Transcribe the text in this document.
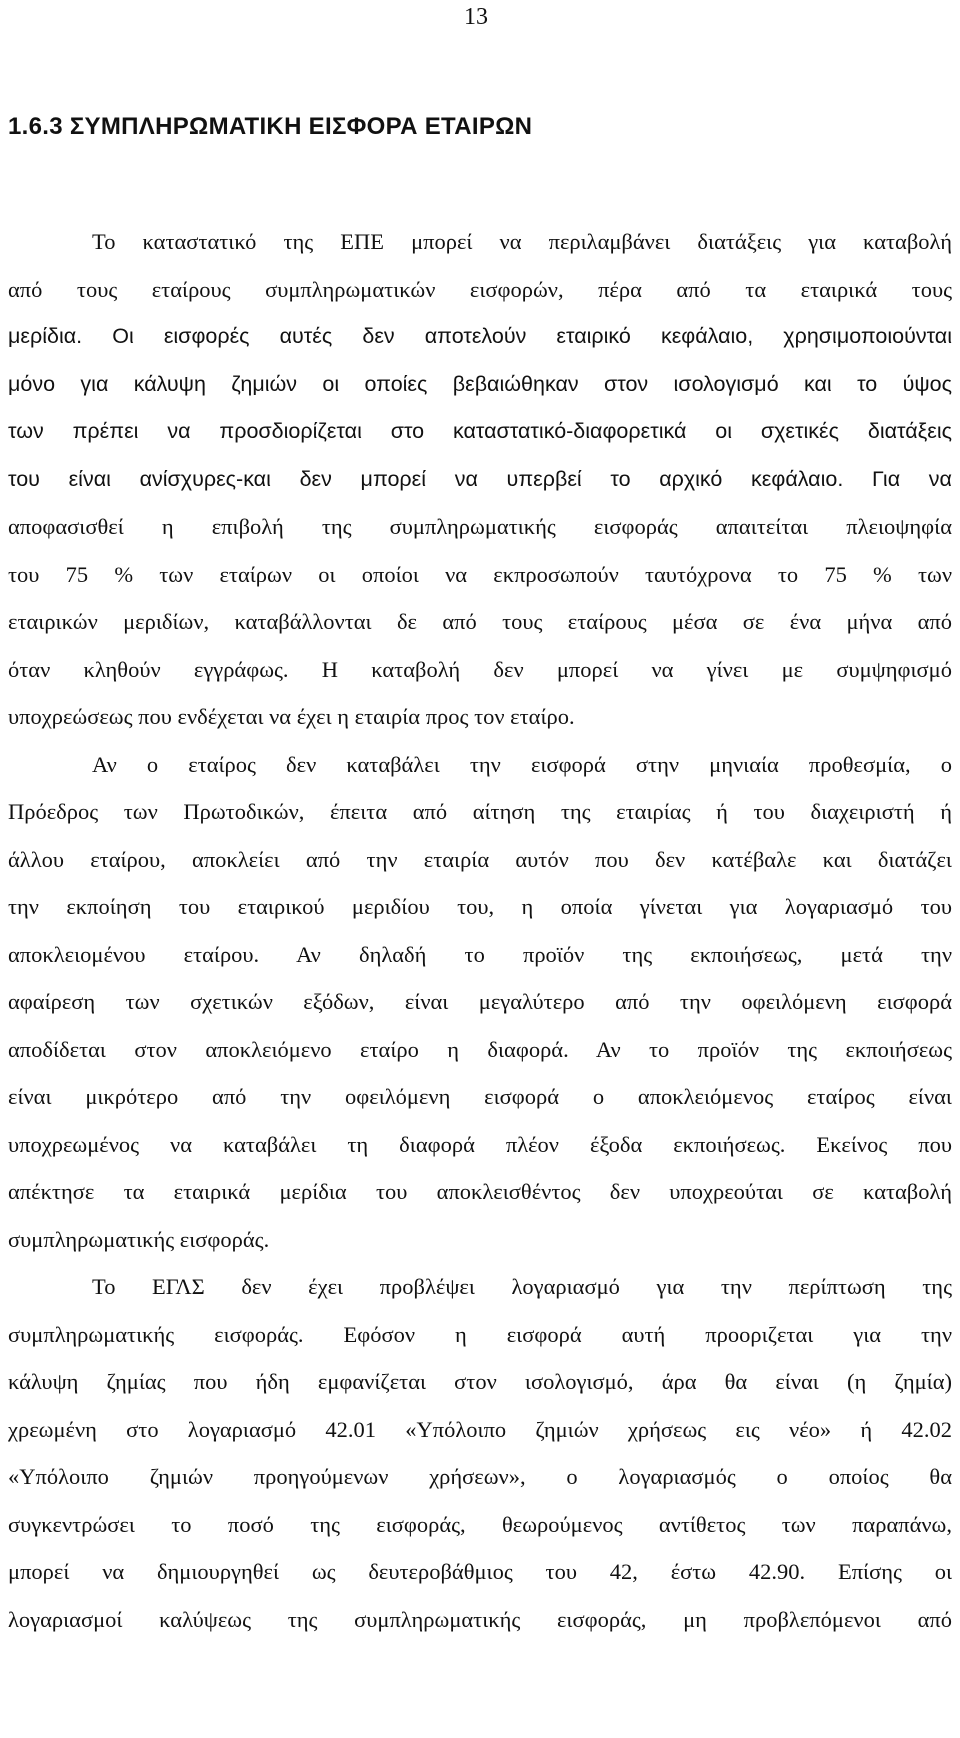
13
1.6.3 ΣΥΜΠΛΗΡΩΜΑΤΙΚΗ ΕΙΣΦΟΡΑ ΕΤΑΙΡΩΝ
Το καταστατικό της ΕΠΕ μπορεί να περιλαμβάνει διατάξεις για καταβολή
από τους εταίρους συμπληρωματικών εισφορών, πέρα από τα εταιρικά τους
μερίδια. Οι εισφορές αυτές δεν αποτελούν εταιρικό κεφάλαιο, χρησιμοποιούνται
μόνο για κάλυψη ζημιών οι οποίες βεβαιώθηκαν στον ισολογισμό και το ύψος
των πρέπει να προσδιορίζεται στο καταστατικό-διαφορετικά οι σχετικές διατάξεις
του είναι ανίσχυρες-και δεν μπορεί να υπερβεί το αρχικό κεφάλαιο. Για να
αποφασισθεί η επιβολή της συμπληρωματικής εισφοράς απαιτείται πλειοψηφία
του 75 % των εταίρων οι οποίοι να εκπροσωπούν ταυτόχρονα το 75 % των
εταιρικών μεριδίων, καταβάλλονται δε από τους εταίρους μέσα σε ένα μήνα από
όταν κληθούν εγγράφως. Η καταβολή δεν μπορεί να γίνει με συμψηφισμό
υποχρεώσεως που ενδέχεται να έχει η εταιρία προς τον εταίρο.
Αν ο εταίρος δεν καταβάλει την εισφορά στην μηνιαία προθεσμία, ο
Πρόεδρος των Πρωτοδικών, έπειτα από αίτηση της εταιρίας ή του διαχειριστή ή
άλλου εταίρου, αποκλείει από την εταιρία αυτόν που δεν κατέβαλε και διατάζει
την εκποίηση του εταιρικού μεριδίου του, η οποία γίνεται για λογαριασμό του
αποκλειομένου εταίρου. Αν δηλαδή το προϊόν της εκποιήσεως, μετά την
αφαίρεση των σχετικών εξόδων, είναι μεγαλύτερο από την οφειλόμενη εισφορά
αποδίδεται στον αποκλειόμενο εταίρο η διαφορά. Αν το προϊόν της εκποιήσεως
είναι μικρότερο από την οφειλόμενη εισφορά ο αποκλειόμενος εταίρος είναι
υποχρεωμένος να καταβάλει τη διαφορά πλέον έξοδα εκποιήσεως. Εκείνος που
απέκτησε τα εταιρικά μερίδια του αποκλεισθέντος δεν υποχρεούται σε καταβολή
συμπληρωματικής εισφοράς.
Το ΕΓΛΣ δεν έχει προβλέψει λογαριασμό για την περίπτωση της
συμπληρωματικής εισφοράς. Εφόσον η εισφορά αυτή προοριζεται για την
κάλυψη ζημίας που ήδη εμφανίζεται στον ισολογισμό, άρα θα είναι (η ζημία)
χρεωμένη στο λογαριασμό 42.01 «Υπόλοιπο ζημιών χρήσεως εις νέο» ή 42.02
«Υπόλοιπο ζημιών προηγούμενων χρήσεων», ο λογαριασμός ο οποίος θα
συγκεντρώσει το ποσό της εισφοράς, θεωρούμενος αντίθετος των παραπάνω,
μπορεί να δημιουργηθεί ως δευτεροβάθμιος του 42, έστω 42.90. Επίσης οι
λογαριασμοί καλύψεως της συμπληρωματικής εισφοράς, μη προβλεπόμενοι από
